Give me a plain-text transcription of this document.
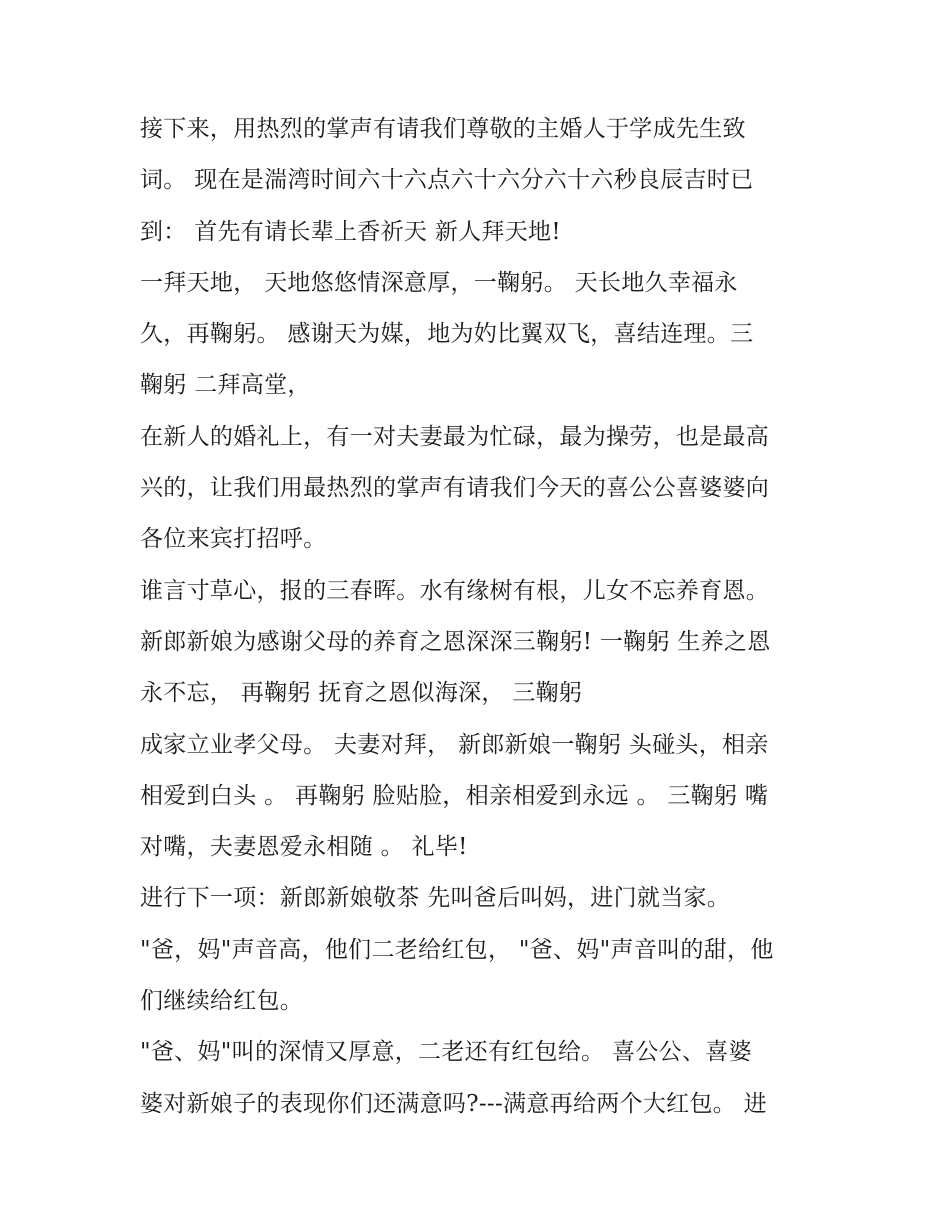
接下来，用热烈的掌声有请我们尊敬的主婚人于学成先生致
词。 现在是湍湾时间六十六点六十六分六十六秒良辰吉时已
到： 首先有请长辈上香祈天 新人拜天地!
一拜天地， 天地悠悠情深意厚，一鞠躬。 天长地久幸福永
久，再鞠躬。 感谢天为媒，地为妁比翼双飞，喜结连理。三
鞠躬 二拜高堂，
在新人的婚礼上，有一对夫妻最为忙碌，最为操劳，也是最高
兴的，让我们用最热烈的掌声有请我们今天的喜公公喜婆婆向
各位来宾打招呼。
谁言寸草心，报的三春晖。水有缘树有根，儿女不忘养育恩。
新郎新娘为感谢父母的养育之恩深深三鞠躬! 一鞠躬 生养之恩
永不忘， 再鞠躬 抚育之恩似海深， 三鞠躬
成家立业孝父母。 夫妻对拜， 新郎新娘一鞠躬 头碰头，相亲
相爱到白头 。 再鞠躬 脸贴脸，相亲相爱到永远 。 三鞠躬 嘴
对嘴，夫妻恩爱永相随 。 礼毕!
进行下一项：新郎新娘敬茶 先叫爸后叫妈，进门就当家。
"爸，妈"声音高，他们二老给红包， "爸、妈"声音叫的甜，他
们继续给红包。
"爸、妈"叫的深情又厚意，二老还有红包给。 喜公公、喜婆
婆对新娘子的表现你们还满意吗?---满意再给两个大红包。 进
